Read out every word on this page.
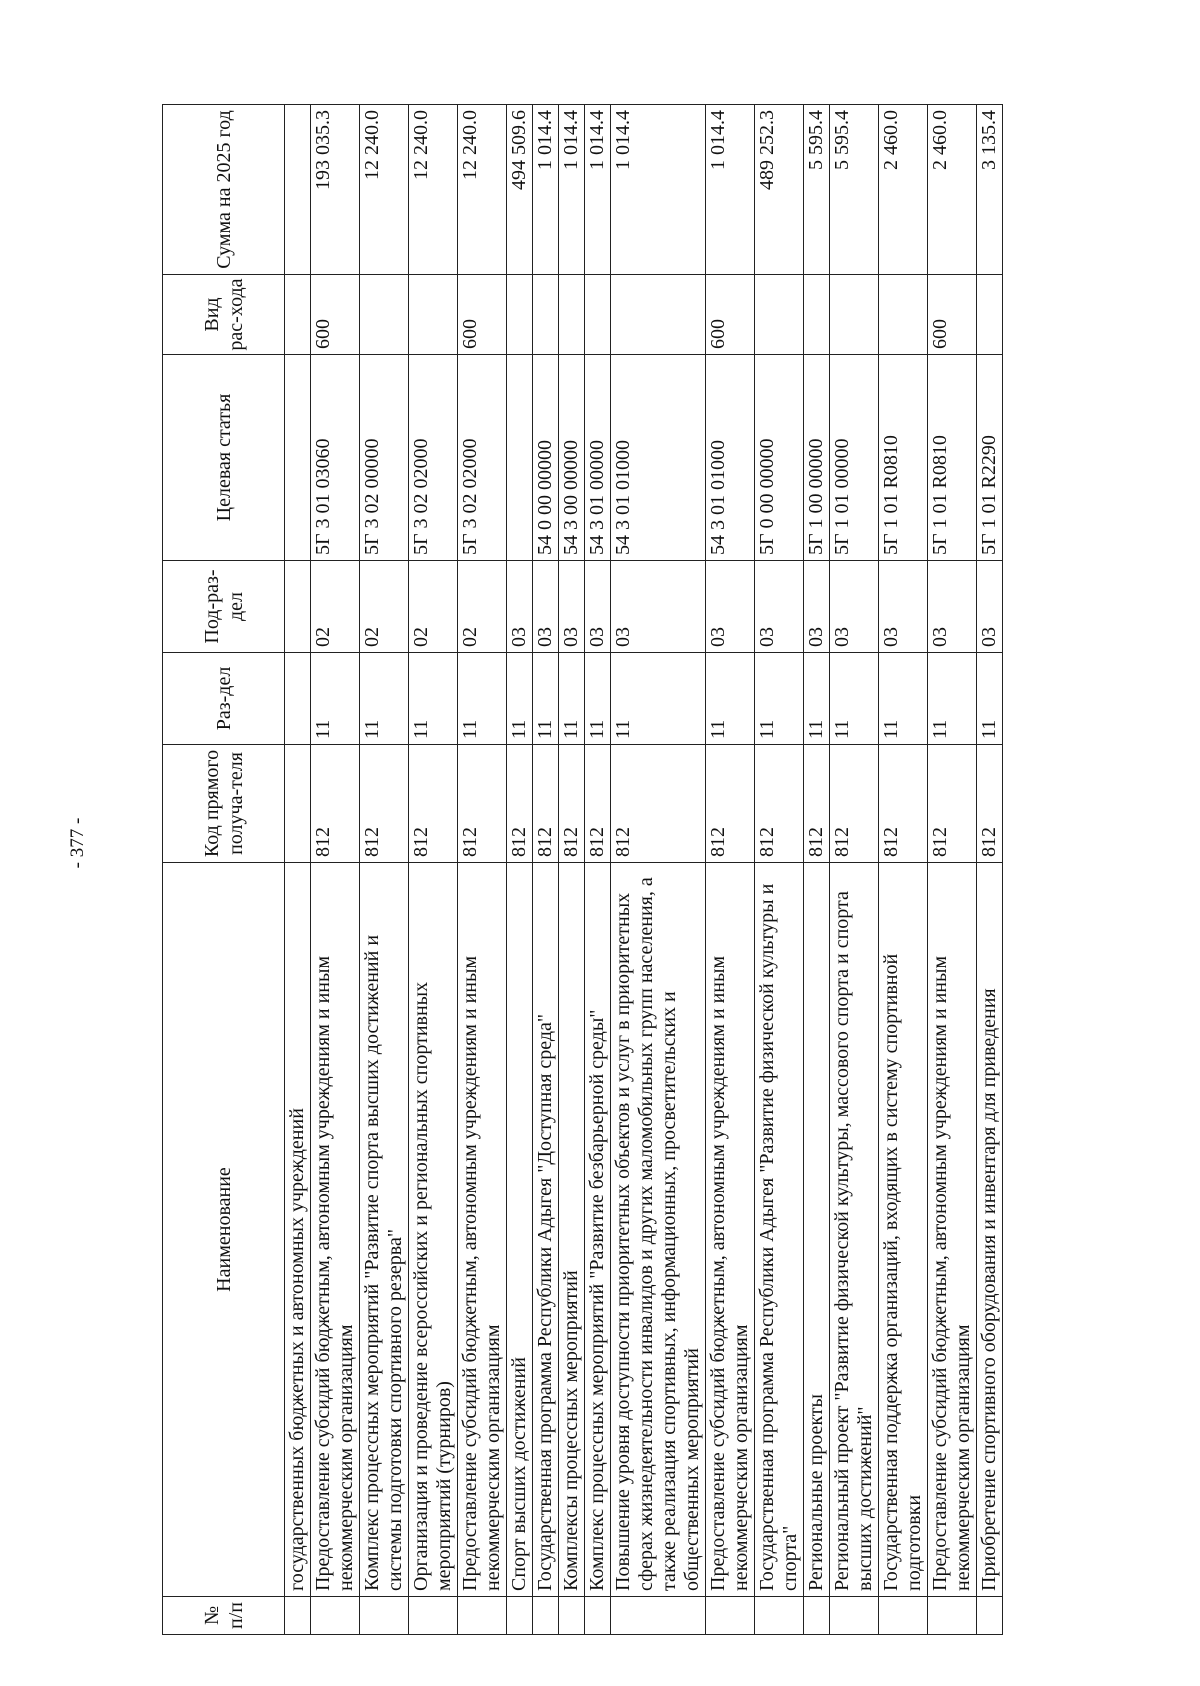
- 377 -
№ п/п	Наименование	Код прямого получа-теля	Раз-дел	Под-раз-дел	Целевая статья	Вид рас-хода	Сумма на 2025 год
	государственных бюджетных и автономных учреждений						
	Предоставление субсидий бюджетным, автономным учреждениям и иным некоммерческим организациям	812	11	02	5Г 3 01 03060	600	193 035.3
	Комплекс процессных мероприятий "Развитие спорта высших достижений и системы подготовки спортивного резерва"	812	11	02	5Г 3 02 00000		12 240.0
	Организация и проведение всероссийских и региональных спортивных мероприятий (турниров)	812	11	02	5Г 3 02 02000		12 240.0
	Предоставление субсидий бюджетным, автономным учреждениям и иным некоммерческим организациям	812	11	02	5Г 3 02 02000	600	12 240.0
	Спорт высших достижений	812	11	03			494 509.6
	Государственная программа Республики Адыгея "Доступная среда"	812	11	03	54 0 00 00000		1 014.4
	Комплексы процессных мероприятий	812	11	03	54 3 00 00000		1 014.4
	Комплекс процессных мероприятий "Развитие безбарьерной среды"	812	11	03	54 3 01 00000		1 014.4
	Повышение уровня доступности приоритетных объектов и услуг в приоритетных сферах жизнедеятельности инвалидов и других маломобильных групп населения, а также реализация спортивных, информационных, просветительских и общественных мероприятий	812	11	03	54 3 01 01000		1 014.4
	Предоставление субсидий бюджетным, автономным учреждениям и иным некоммерческим организациям	812	11	03	54 3 01 01000	600	1 014.4
	Государственная программа Республики Адыгея "Развитие физической культуры и спорта"	812	11	03	5Г 0 00 00000		489 252.3
	Региональные проекты	812	11	03	5Г 1 00 00000		5 595.4
	Региональный проект "Развитие физической культуры, массового спорта и спорта высших достижений"	812	11	03	5Г 1 01 00000		5 595.4
	Государственная поддержка организаций, входящих в систему спортивной подготовки	812	11	03	5Г 1 01 R0810		2 460.0
	Предоставление субсидий бюджетным, автономным учреждениям и иным некоммерческим организациям	812	11	03	5Г 1 01 R0810	600	2 460.0
	Приобретение спортивного оборудования и инвентаря для приведения	812	11	03	5Г 1 01 R2290		3 135.4
